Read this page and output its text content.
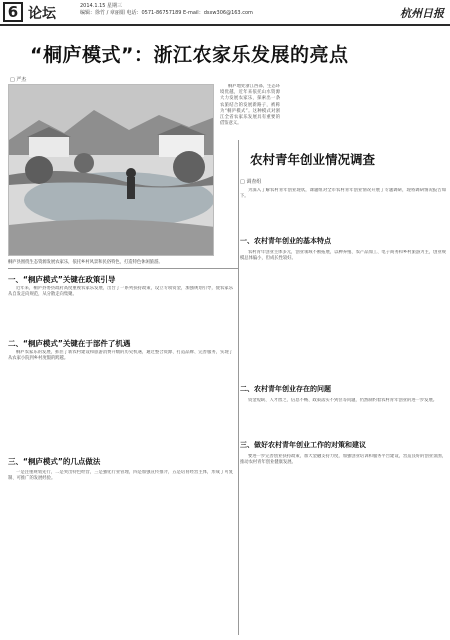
6 论坛	2014.1.15 星期三
编辑：徐竹 / 章丽娟 电话：0571-86757189 E-mail：dsxw306@163.com	杭州日报
“桐庐模式”：浙江农家乐发展的亮点
□ 严杰
桐庐县围绕生态资源发展农家乐，依托乡村风景和民俗特色，打造特色休闲旅游。

桐庐地处浙江西部，生态环境优越，近年来依托山水资源大力发展农家乐，探索出一条农旅结合的发展新路子，被称为“桐庐模式”。这种模式对浙江全省农家乐发展具有重要的借鉴意义。

一、“桐庐模式”关键在政策引导

近年来，桐庐县委县政府高度重视农家乐发展，出台了一系列扶持政策，设立专项资金，加强规划引导，使农家乐从自发走向规范，从分散走向集聚。

二、“桐庐模式”关键在于部件了机遇

桐庐农家乐的发展，抓住了新农村建设和旅游消费升级的历史机遇，通过整合资源、打造品牌、完善服务，实现了从农家小院到乡村度假的跨越。

三、“桐庐模式”的几点做法

一是注重规划先行，二是突出特色经营，三是强化行业管理，四是加强宣传推介，五是培育经营主体，形成了可复制、可推广的发展经验。

农村青年创业情况调查
□ 调查组

为深入了解农村青年创业现状，课题组对全市农村青年创业情况开展了专题调研，现将调研情况报告如下。

一、农村青年创业的基本特点

农村青年创业主体多元，创业领域不断拓展，以种养殖、农产品加工、电子商务和乡村旅游为主，创业规模总体偏小，但成长性较好。

二、农村青年创业存在的问题

资金短缺、人才匮乏、信息不畅、政策落实不到位等问题，仍然制约着农村青年创业的进一步发展。

三、做好农村青年创业工作的对策和建议

要进一步完善创业扶持政策，加大金融支持力度，加强创业培训和服务平台建设，营造良好的创业氛围，推动农村青年创业健康发展。
